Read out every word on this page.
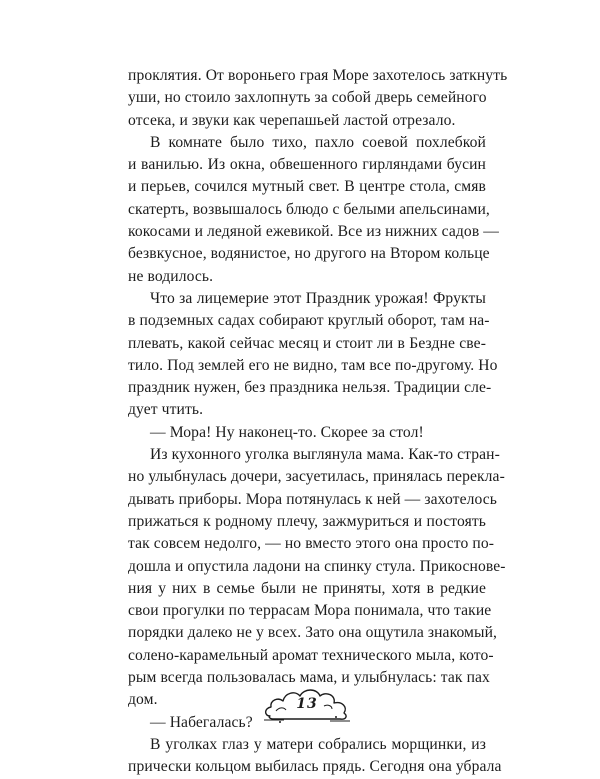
проклятия. От вороньего грая Море захотелось заткнуть
уши, но стоило захлопнуть за собой дверь семейного
отсека, и звуки как черепашьей ластой отрезало.
В комнате было тихо, пахло соевой похлебкой
и ванилью. Из окна, обвешенного гирляндами бусин
и перьев, сочился мутный свет. В центре стола, смяв
скатерть, возвышалось блюдо с белыми апельсинами,
кокосами и ледяной ежевикой. Все из нижних садов —
безвкусное, водянистое, но другого на Втором кольце
не водилось.
Что за лицемерие этот Праздник урожая! Фрукты
в подземных садах собирают круглый оборот, там на-
плевать, какой сейчас месяц и стоит ли в Бездне све-
тило. Под землей его не видно, там все по-другому. Но
праздник нужен, без праздника нельзя. Традиции сле-
дует чтить.
— Мора! Ну наконец-то. Скорее за стол!
Из кухонного уголка выглянула мама. Как-то стран-
но улыбнулась дочери, засуетилась, принялась перекла-
дывать приборы. Мора потянулась к ней — захотелось
прижаться к родному плечу, зажмуриться и постоять
так совсем недолго, — но вместо этого она просто по-
дошла и опустила ладони на спинку стула. Прикоснове-
ния у них в семье были не приняты, хотя в редкие
свои прогулки по террасам Мора понимала, что такие
порядки далеко не у всех. Зато она ощутила знакомый,
солено-карамельный аромат технического мыла, кото-
рым всегда пользовалась мама, и улыбнулась: так пах
дом.
— Набегалась?
В уголках глаз у матери собрались морщинки, из
прически кольцом выбилась прядь. Сегодня она убрала
13
